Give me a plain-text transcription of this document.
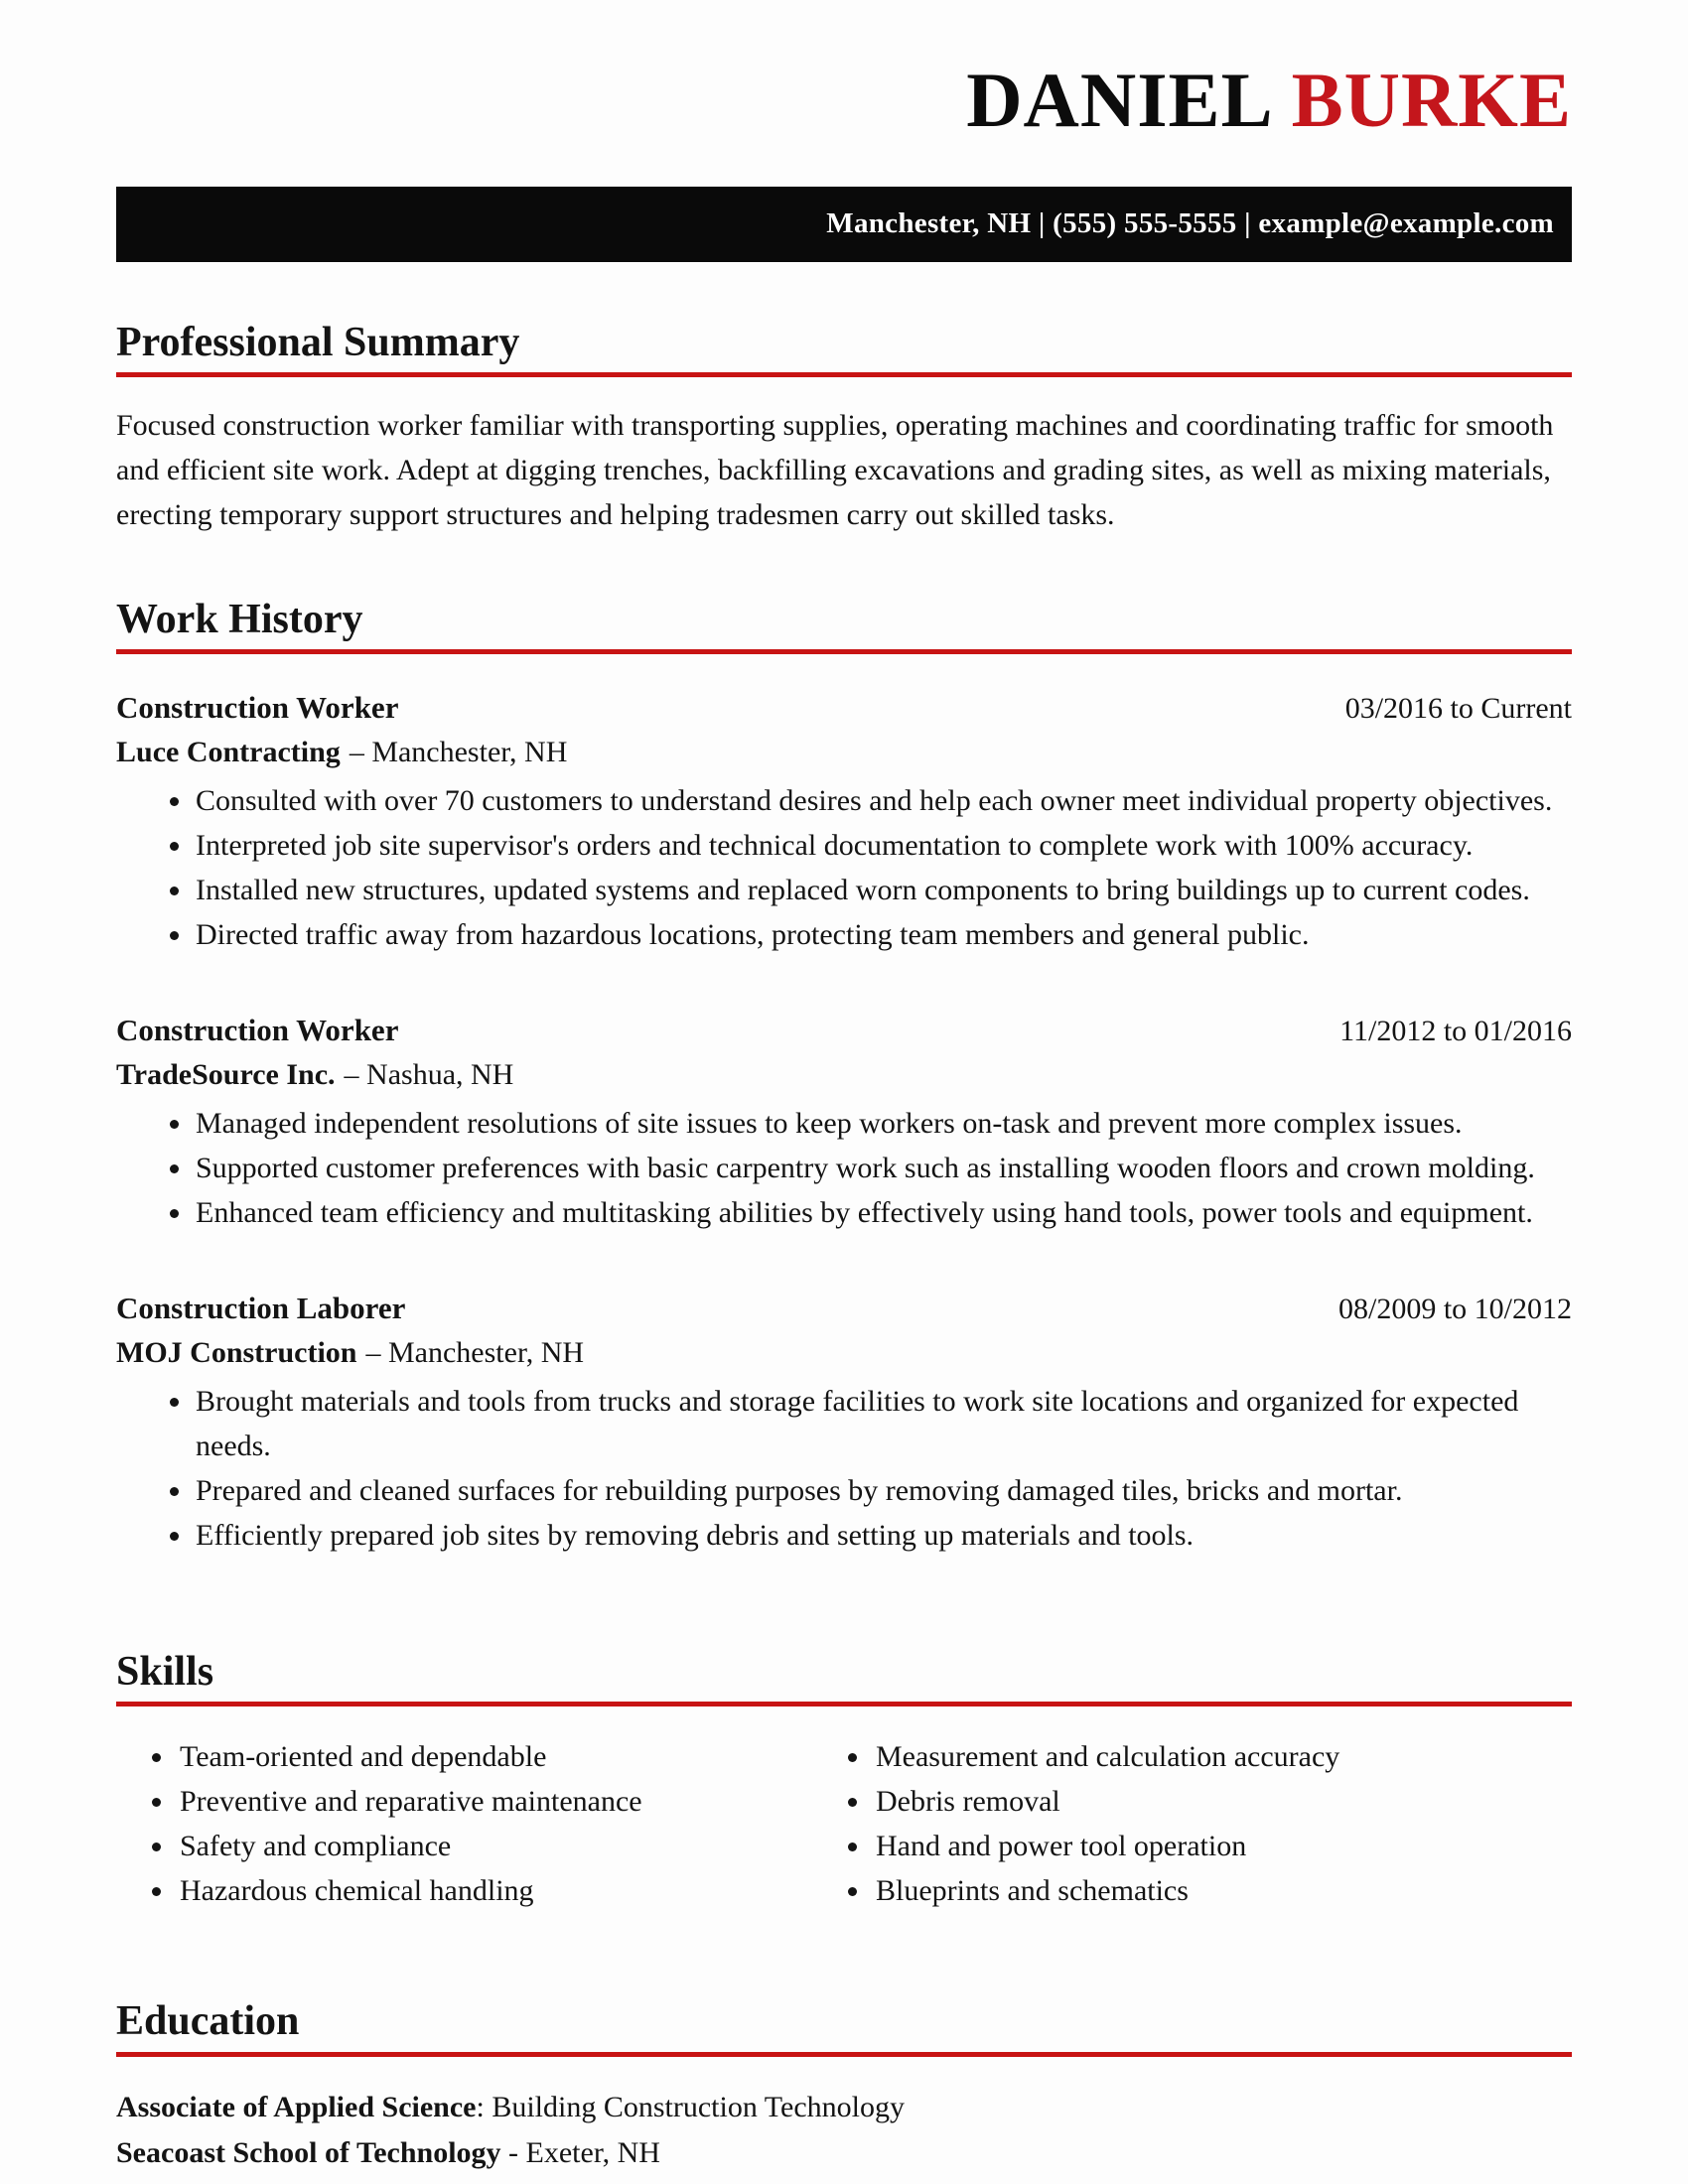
DANIEL BURKE
Manchester, NH | (555) 555-5555 | example@example.com
Professional Summary

Focused construction worker familiar with transporting supplies, operating machines and coordinating traffic for smooth and efficient site work. Adept at digging trenches, backfilling excavations and grading sites, as well as mixing materials, erecting temporary support structures and helping tradesmen carry out skilled tasks.

Work History
Construction Worker	03/2016 to Current
Luce Contracting – Manchester, NH
• Consulted with over 70 customers to understand desires and help each owner meet individual property objectives.
• Interpreted job site supervisor's orders and technical documentation to complete work with 100% accuracy.
• Installed new structures, updated systems and replaced worn components to bring buildings up to current codes.
• Directed traffic away from hazardous locations, protecting team members and general public.
Construction Worker	11/2012 to 01/2016
TradeSource Inc. – Nashua, NH
• Managed independent resolutions of site issues to keep workers on-task and prevent more complex issues.
• Supported customer preferences with basic carpentry work such as installing wooden floors and crown molding.
• Enhanced team efficiency and multitasking abilities by effectively using hand tools, power tools and equipment.
Construction Laborer	08/2009 to 10/2012
MOJ Construction – Manchester, NH
• Brought materials and tools from trucks and storage facilities to work site locations and organized for expected needs.
• Prepared and cleaned surfaces for rebuilding purposes by removing damaged tiles, bricks and mortar.
• Efficiently prepared job sites by removing debris and setting up materials and tools.
Skills
• Team-oriented and dependable
• Preventive and reparative maintenance
• Safety and compliance
• Hazardous chemical handling
• Measurement and calculation accuracy
• Debris removal
• Hand and power tool operation
• Blueprints and schematics
Education
Associate of Applied Science: Building Construction Technology
Seacoast School of Technology - Exeter, NH
